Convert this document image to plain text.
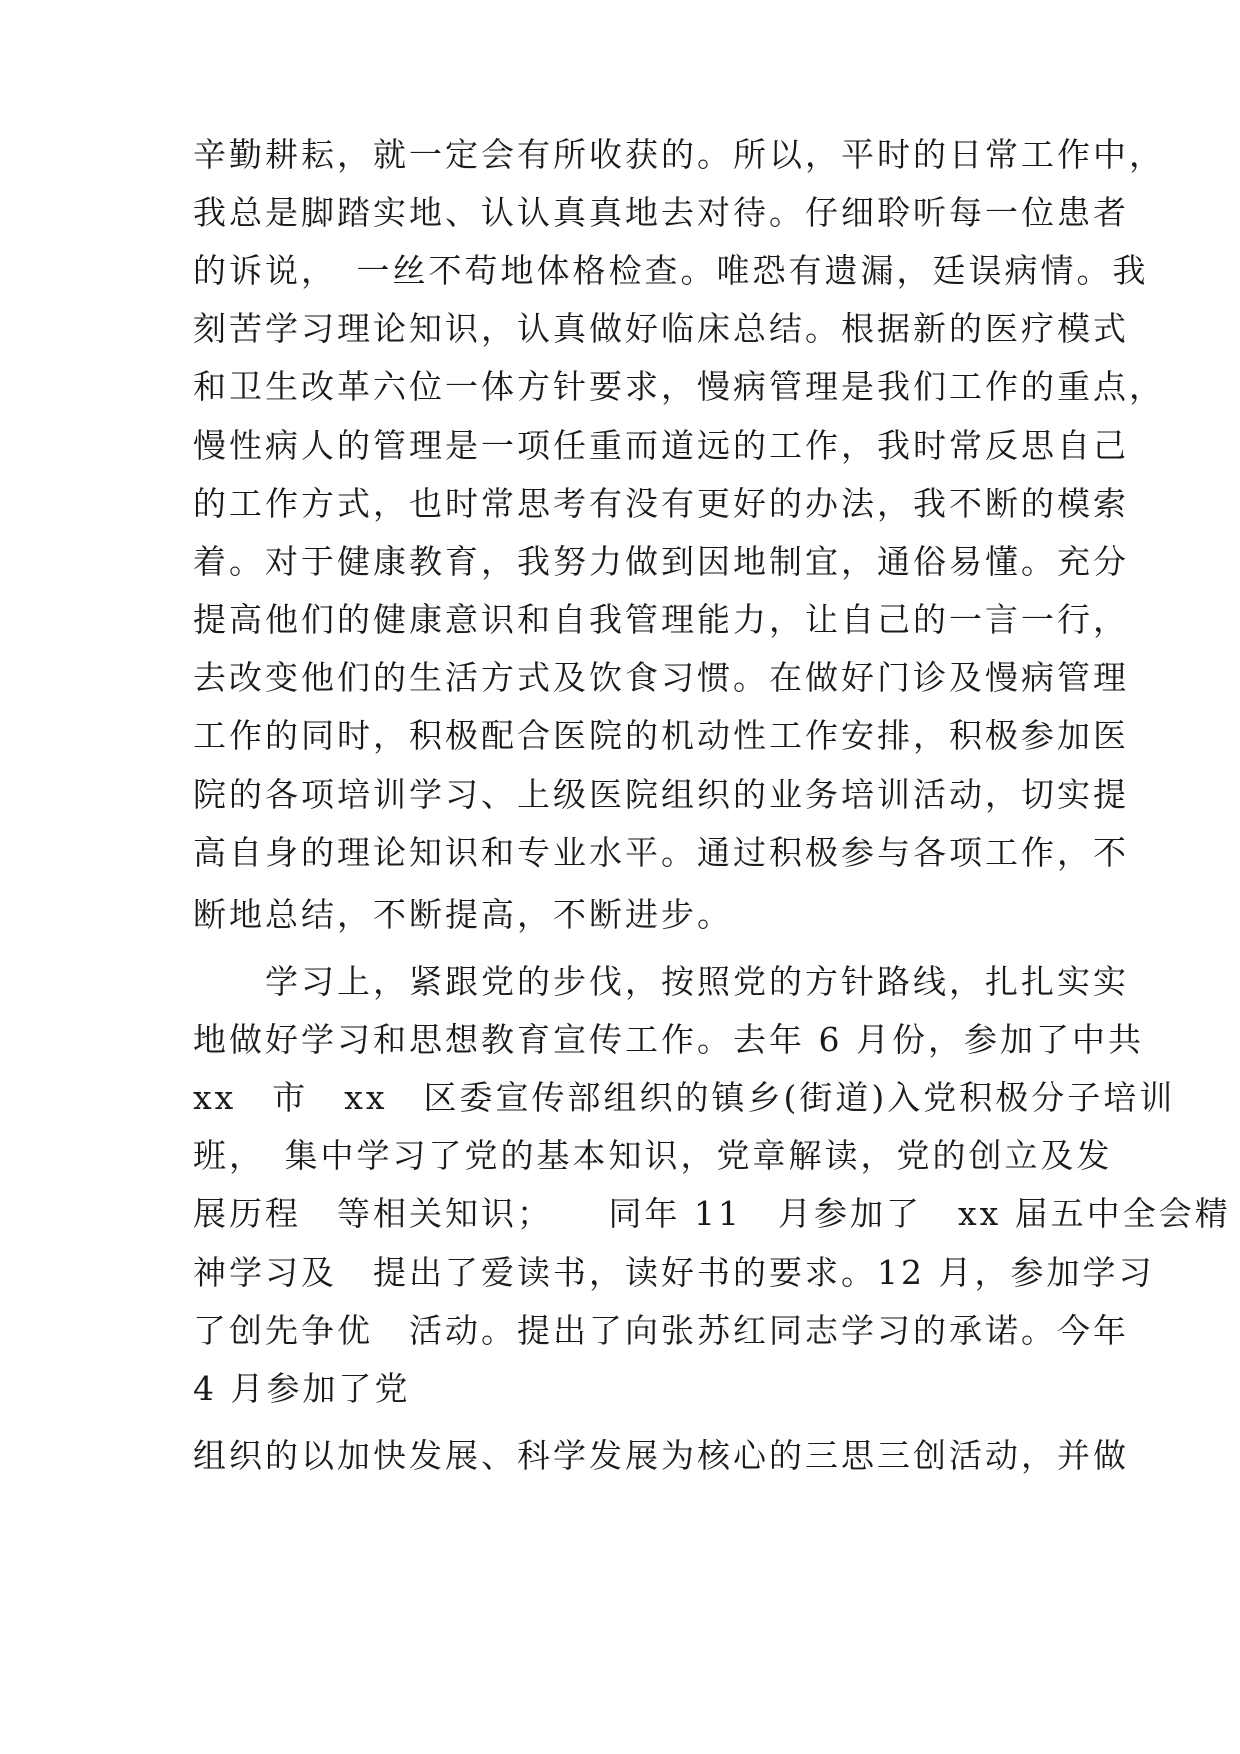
辛勤耕耘，就一定会有所收获的。所以，平时的日常工作中，
我总是脚踏实地、认认真真地去对待。仔细聆听每一位患者
的诉说，　一丝不苟地体格检查。唯恐有遗漏，廷误病情。我
刻苦学习理论知识，认真做好临床总结。根据新的医疗模式
和卫生改革六位一体方针要求，慢病管理是我们工作的重点，
慢性病人的管理是一项任重而道远的工作，我时常反思自己
的工作方式，也时常思考有没有更好的办法，我不断的模索
着。对于健康教育，我努力做到因地制宜，通俗易懂。充分
提高他们的健康意识和自我管理能力，让自己的一言一行，
去改变他们的生活方式及饮食习惯。在做好门诊及慢病管理
工作的同时，积极配合医院的机动性工作安排，积极参加医
院的各项培训学习、上级医院组织的业务培训活动，切实提
高自身的理论知识和专业水平。通过积极参与各项工作，不
断地总结，不断提高，不断进步。
　　学习上，紧跟党的步伐，按照党的方针路线，扎扎实实
地做好学习和思想教育宣传工作。去年 6 月份，参加了中共
xx　市　xx　区委宣传部组织的镇乡(街道)入党积极分子培训
班，　集中学习了党的基本知识，党章解读，党的创立及发
展历程　等相关知识；　　同年 11　月参加了　xx 届五中全会精
神学习及　提出了爱读书，读好书的要求。12 月，参加学习
了创先争优　活动。提出了向张苏红同志学习的承诺。今年
4 月参加了党
组织的以加快发展、科学发展为核心的三思三创活动，并做
